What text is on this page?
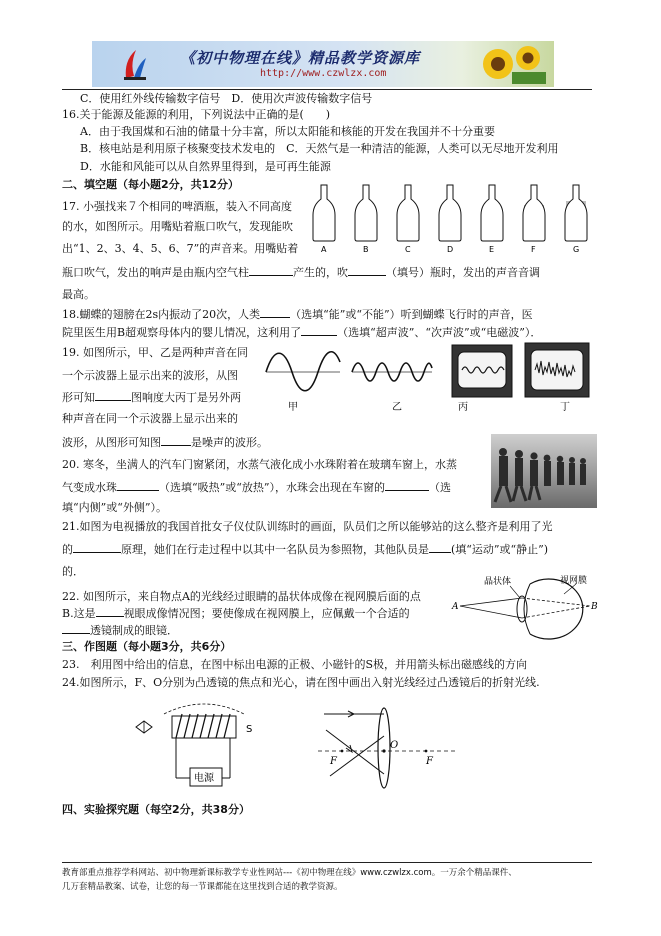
《初中物理在线》精品教学资源库
http://www.czwlzx.com
C．使用红外线传输数字信号　D．使用次声波传输数字信号
16.关于能源及能源的利用，下列说法中正确的是(　　)
A．由于我国煤和石油的储量十分丰富，所以太阳能和核能的开发在我国并不十分重要
B．核电站是利用原子核聚变技术发电的　C．天然气是一种清洁的能源，人类可以无尽地开发利用
D．水能和风能可以从自然界里得到，是可再生能源
二、填空题（每小题2分，共12分）
17. 小强找来７个相同的啤酒瓶，装入不同高度
的水，如图所示。用嘴贴着瓶口吹气，发现能吹
出“1、2、3、4、5、6、7”的声音来。用嘴贴着
瓶口吹气，发出的响声是由瓶内空气柱	产生的，吹	（填号）瓶时，发出的声音音调
最高。
A	B	C	D	E	F	G
18.蝴蝶的翅膀在2s内振动了20次，人类	（选填“能”或“不能”）听到蝴蝶飞行时的声音，医
院里医生用B超观察母体内的婴儿情况，这利用了	（选填“超声波”、“次声波”或“电磁波”）．
19. 如图所示，甲、乙是两种声音在同
一个示波器上显示出来的波形，从图
形可知	图响度大丙丁是另外两
种声音在同一个示波器上显示出来的
波形，从图形可知图	是噪声的波形。
甲	乙	丙	丁
20. 寒冬，坐满人的汽车门窗紧闭，水蒸气液化成小水珠附着在玻璃车窗上，水蒸
气变成水珠	（选填“吸热”或“放热”），水珠会出现在车窗的	（选
填“内侧”或“外侧”）。
21.如图为电视播放的我国首批女子仪仗队训练时的画面，队员们之所以能够站的这么整齐是利用了光
的	原理，她们在行走过程中以其中一名队员为参照物，其他队员是 (填“运动”或“静止”)
的．
22. 如图所示，来自物点A的光线经过眼睛的晶状体成像在视网膜后面的点
B.这是	视眼成像情况图；要使像成在视网膜上，应佩戴一个合适的
透镜制成的眼镜．
晶状体	视网膜
A	B
三、作图题（每小题3分，共6分）
23.　利用图中给出的信息，在图中标出电源的正极、小磁针的S极，并用箭头标出磁感线的方向
24.如图所示，F、O分别为凸透镜的焦点和光心，请在图中画出入射光线经过凸透镜后的折射光线.
电源
S
F
O
F
四、实验探究题（每空2分，共38分）
教育部重点推荐学科网站、初中物理新课标教学专业性网站---《初中物理在线》www.czwlzx.com。一万余个精品课件、
几万套精品教案、试卷，让您的每一节课都能在这里找到合适的教学资源。
